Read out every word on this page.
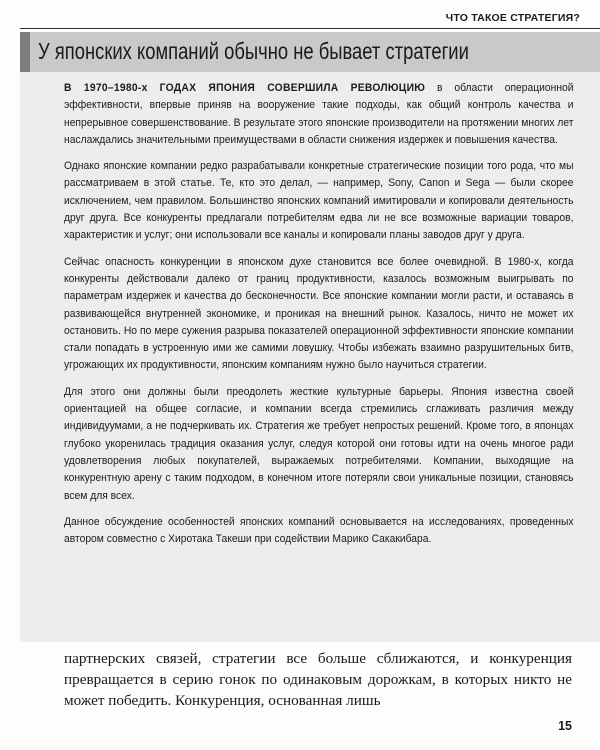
ЧТО ТАКОЕ СТРАТЕГИЯ?
У японских компаний обычно не бывает стратегии

В 1970–1980-х ГОДАХ ЯПОНИЯ СОВЕРШИЛА РЕВОЛЮЦИЮ в области операционной эффективности, впервые приняв на вооружение такие подходы, как общий контроль качества и непрерывное совершенствование. В результате этого японские производители на протяжении многих лет наслаждались значительными преимуществами в области снижения издержек и повышения качества.

Однако японские компании редко разрабатывали конкретные стратегические позиции того рода, что мы рассматриваем в этой статье. Те, кто это делал, — например, Sony, Canon и Sega — были скорее исключением, чем правилом. Большинство японских компаний имитировали и копировали деятельность друг друга. Все конкуренты предлагали потребителям едва ли не все возможные вариации товаров, характеристик и услуг; они использовали все каналы и копировали планы заводов друг у друга.

Сейчас опасность конкуренции в японском духе становится все более очевидной. В 1980-х, когда конкуренты действовали далеко от границ продуктивности, казалось возможным выигрывать по параметрам издержек и качества до бесконечности. Все японские компании могли расти, и оставаясь в развивающейся внутренней экономике, и проникая на внешний рынок. Казалось, ничто не может их остановить. Но по мере сужения разрыва показателей операционной эффективности японские компании стали попадать в устроенную ими же самими ловушку. Чтобы избежать взаимно разрушительных битв, угрожающих их продуктивности, японским компаниям нужно было научиться стратегии.

Для этого они должны были преодолеть жесткие культурные барьеры. Япония известна своей ориентацией на общее согласие, и компании всегда стремились сглаживать различия между индивидуумами, а не подчеркивать их. Стратегия же требует непростых решений. Кроме того, в японцах глубоко укоренилась традиция оказания услуг, следуя которой они готовы идти на очень многое ради удовлетворения любых покупателей, выражаемых потребителями. Компании, выходящие на конкурентную арену с таким подходом, в конечном итоге потеряли свои уникальные позиции, становясь всем для всех.

Данное обсуждение особенностей японских компаний основывается на исследованиях, проведенных автором совместно с Хиротака Такеши при содействии Марико Сакакибара.

партнерских связей, стратегии все больше сближаются, и конкуренция превращается в серию гонок по одинаковым дорожкам, в которых никто не может победить. Конкуренция, основанная лишь
15
